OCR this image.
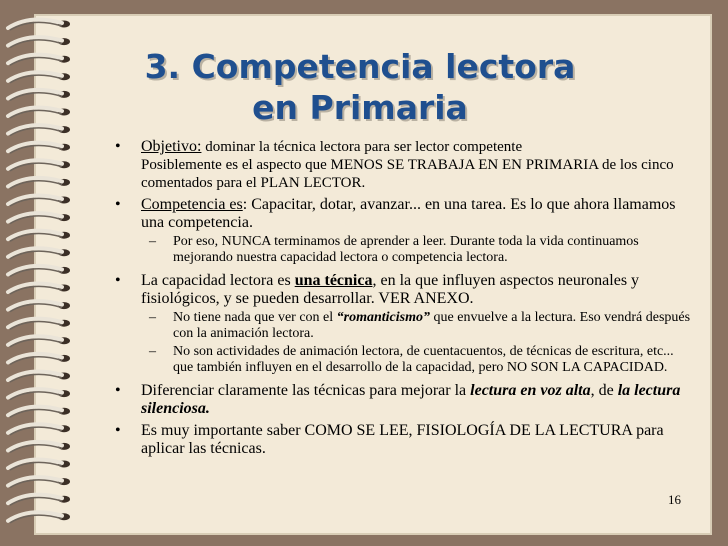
3. Competencia lectora
en Primaria
• Objetivo: dominar la técnica lectora para ser lector competente
Posiblemente es el aspecto que MENOS SE TRABAJA EN EN PRIMARIA de los cinco comentados para el PLAN LECTOR.
• Competencia es: Capacitar, dotar, avanzar... en una tarea. Es lo que ahora llamamos una competencia.
– Por eso, NUNCA terminamos de aprender a leer. Durante toda la vida continuamos mejorando nuestra capacidad lectora o competencia lectora.
• La capacidad lectora es una técnica, en la que influyen aspectos neuronales y fisiológicos, y se pueden desarrollar. VER ANEXO.
– No tiene nada que ver con el “romanticismo” que envuelve a la lectura. Eso vendrá después con la animación lectora.
– No son actividades de animación lectora, de cuentacuentos, de técnicas de escritura, etc... que también influyen en el desarrollo de la capacidad, pero NO SON LA CAPACIDAD.
• Diferenciar claramente las técnicas para mejorar la lectura en voz alta, de la lectura silenciosa.
• Es muy importante saber COMO SE LEE, FISIOLOGÍA DE LA LECTURA para aplicar las técnicas.
16
